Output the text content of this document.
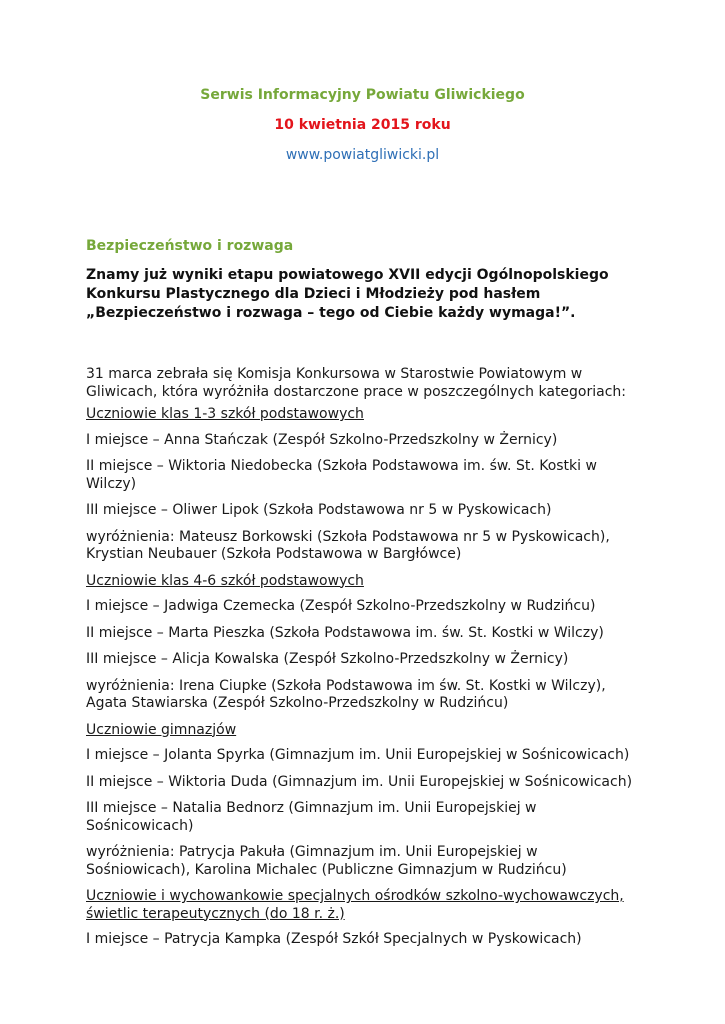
Serwis Informacyjny Powiatu Gliwickiego
10 kwietnia 2015 roku
www.powiatgliwicki.pl
Bezpieczeństwo i rozwaga
Znamy już wyniki etapu powiatowego XVII edycji Ogólnopolskiego Konkursu Plastycznego dla Dzieci i Młodzieży pod hasłem „Bezpieczeństwo i rozwaga – tego od Ciebie każdy wymaga!”.

31 marca zebrała się Komisja Konkursowa w Starostwie Powiatowym w Gliwicach, która wyróżniła dostarczone prace w poszczególnych kategoriach:

Uczniowie klas 1-3 szkół podstawowych

I miejsce – Anna Stańczak (Zespół Szkolno-Przedszkolny w Żernicy)

II miejsce – Wiktoria Niedobecka (Szkoła Podstawowa im. św. St. Kostki w Wilczy)

III miejsce – Oliwer Lipok (Szkoła Podstawowa nr 5 w Pyskowicach)

wyróżnienia: Mateusz Borkowski (Szkoła Podstawowa nr 5 w Pyskowicach), Krystian Neubauer (Szkoła Podstawowa w Bargłówce)

Uczniowie klas 4-6 szkół podstawowych

I miejsce – Jadwiga Czemecka (Zespół Szkolno-Przedszkolny w Rudzińcu)

II miejsce – Marta Pieszka (Szkoła Podstawowa im. św. St. Kostki w Wilczy)

III miejsce – Alicja Kowalska (Zespół Szkolno-Przedszkolny w Żernicy)

wyróżnienia: Irena Ciupke (Szkoła Podstawowa im św. St. Kostki w Wilczy), Agata Stawiarska (Zespół Szkolno-Przedszkolny w Rudzińcu)

Uczniowie gimnazjów

I miejsce – Jolanta Spyrka (Gimnazjum im. Unii Europejskiej w Sośnicowicach)

II miejsce – Wiktoria Duda (Gimnazjum im. Unii Europejskiej w Sośnicowicach)

III miejsce – Natalia Bednorz (Gimnazjum im. Unii Europejskiej w Sośnicowicach)

wyróżnienia: Patrycja Pakuła (Gimnazjum im. Unii Europejskiej w Sośniowicach), Karolina Michalec (Publiczne Gimnazjum w Rudzińcu)

Uczniowie i wychowankowie specjalnych ośrodków szkolno-wychowawczych, świetlic terapeutycznych (do 18 r. ż.)

I miejsce – Patrycja Kampka (Zespół Szkół Specjalnych w Pyskowicach)
